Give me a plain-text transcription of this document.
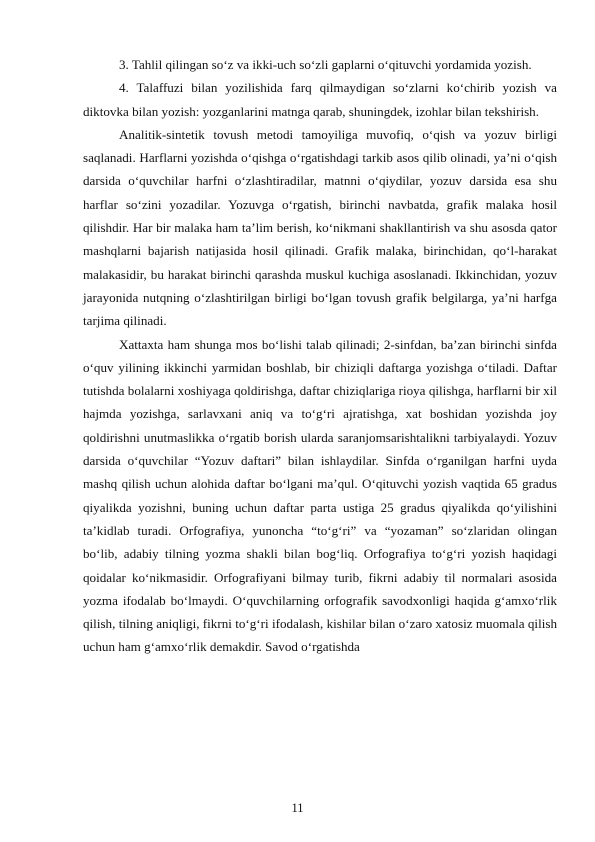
3. Tahlil qilingan so‘z va ikki-uch so‘zli gaplarni o‘qituvchi yordamida yozish.

4. Talaffuzi bilan yozilishida farq qilmaydigan so‘zlarni ko‘chirib yozish va diktovka bilan yozish: yozganlarini matnga qarab, shuningdek, izohlar bilan tekshirish.

Analitik-sintetik tovush metodi tamoyiliga muvofiq, o‘qish va yozuv birligi saqlanadi. Harflarni yozishda o‘qishga o‘rgatishdagi tarkib asos qilib olinadi, ya’ni o‘qish darsida o‘quvchilar harfni o‘zlashtiradilar, matnni o‘qiydilar, yozuv darsida esa shu harflar so‘zini yozadilar. Yozuvga o‘rgatish, birinchi navbatda, grafik malaka hosil qilishdir. Har bir malaka ham ta’lim berish, ko‘nikmani shakllantirish va shu asosda qator mashqlarni bajarish natijasida hosil qilinadi. Grafik malaka, birinchidan, qo‘l-harakat malakasidir, bu harakat birinchi qarashda muskul kuchiga asoslanadi. Ikkinchidan, yozuv jarayonida nutqning o‘zlashtirilgan birligi bo‘lgan tovush grafik belgilarga, ya’ni harfga tarjima qilinadi.

Xattaxta ham shunga mos bo‘lishi talab qilinadi; 2-sinfdan, ba’zan birinchi sinfda o‘quv yilining ikkinchi yarmidan boshlab, bir chiziqli daftarga yozishga o‘tiladi. Daftar tutishda bolalarni xoshiyaga qoldirishga, daftar chiziqlariga rioya qilishga, harflarni bir xil hajmda yozishga, sarlavxani aniq va to‘g‘ri ajratishga, xat boshidan yozishda joy qoldirishni unutmaslikka o‘rgatib borish ularda saranjomsarishtalikni tarbiyalaydi. Yozuv darsida o‘quvchilar “Yozuv daftari” bilan ishlaydilar. Sinfda o‘rganilgan harfni uyda mashq qilish uchun alohida daftar bo‘lgani ma’qul. O‘qituvchi yozish vaqtida 65 gradus qiyalikda yozishni, buning uchun daftar parta ustiga 25 gradus qiyalikda qo‘yilishini ta’kidlab turadi. Orfografiya, yunoncha “to‘g‘ri” va “yozaman” so‘zlaridan olingan bo‘lib, adabiy tilning yozma shakli bilan bog‘liq. Orfografiya to‘g‘ri yozish haqidagi qoidalar ko‘nikmasidir. Orfografiyani bilmay turib, fikrni adabiy til normalari asosida yozma ifodalab bo‘lmaydi. O‘quvchilarning orfografik savodxonligi haqida g‘amxo‘rlik qilish, tilning aniqligi, fikrni to‘g‘ri ifodalash, kishilar bilan o‘zaro xatosiz muomala qilish uchun ham g‘amxo‘rlik demakdir. Savod o‘rgatishda

11
